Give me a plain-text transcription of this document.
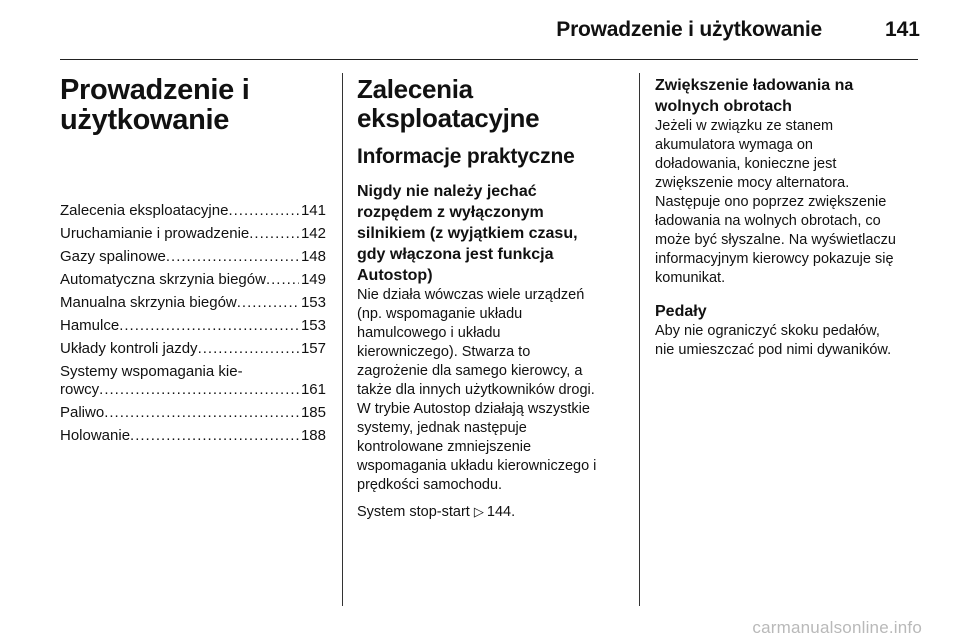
Prowadzenie i użytkowanie	141
Prowadzenie i
użytkowanie
Zalecenia eksploatacyjne .....	141
Uruchamianie i prowadzenie .....	142
Gazy spalinowe .....	148
Automatyczna skrzynia biegów ..... 149
Manualna skrzynia biegów .....	153
Hamulce .....	153
Układy kontroli jazdy .....	157
Systemy wspomagania kie-
rowcy .....	161
Paliwo .....	185
Holowanie .....	188
Zalecenia
eksploatacyjne
Informacje praktyczne
Nigdy nie należy jechać
rozpędem z wyłączonym
silnikiem (z wyjątkiem czasu,
gdy włączona jest funkcja
Autostop)
Nie działa wówczas wiele urządzeń
(np. wspomaganie układu
hamulcowego i układu
kierowniczego). Stwarza to
zagrożenie dla samego kierowcy, a
także dla innych użytkowników drogi.
W trybie Autostop działają wszystkie
systemy, jednak następuje
kontrolowane zmniejszenie
wspomagania układu kierowniczego i
prędkości samochodu.
System stop-start ▷ 144.
Zwiększenie ładowania na
wolnych obrotach
Jeżeli w związku ze stanem
akumulatora wymaga on
doładowania, konieczne jest
zwiększenie mocy alternatora.
Następuje ono poprzez zwiększenie
ładowania na wolnych obrotach, co
może być słyszalne. Na wyświetlaczu
informacyjnym kierowcy pokazuje się
komunikat.
Pedały
Aby nie ograniczyć skoku pedałów,
nie umieszczać pod nimi dywaników.
carmanualsonline.info
